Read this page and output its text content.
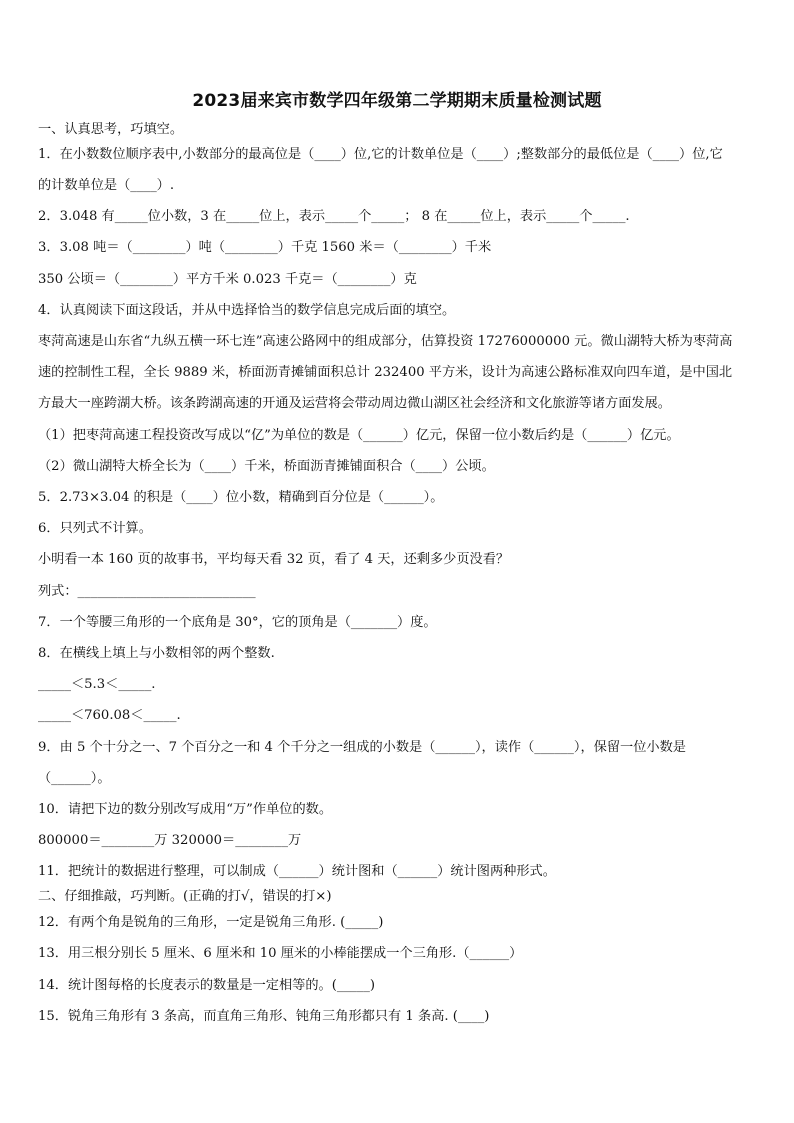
2023届来宾市数学四年级第二学期期末质量检测试题
一、认真思考，巧填空。
1．在小数数位顺序表中,小数部分的最高位是（____）位,它的计数单位是（____）;整数部分的最低位是（____）位,它
的计数单位是（____）.
2．3.048 有_____位小数，3 在_____位上，表示_____个_____； 8 在_____位上，表示_____个_____.
3．3.08 吨＝（________）吨（________）千克 1560 米＝（________）千米
350 公顷＝（________）平方千米 0.023 千克＝（________）克
4．认真阅读下面这段话，并从中选择恰当的数学信息完成后面的填空。
枣菏高速是山东省“九纵五横一环七连”高速公路网中的组成部分，估算投资 17276000000 元。微山湖特大桥为枣菏高
速的控制性工程，全长 9889 米，桥面沥青摊铺面积总计 232400 平方米，设计为高速公路标准双向四车道，是中国北
方最大一座跨湖大桥。该条跨湖高速的开通及运营将会带动周边微山湖区社会经济和文化旅游等诸方面发展。
（1）把枣菏高速工程投资改写成以“亿”为单位的数是（______）亿元，保留一位小数后约是（______）亿元。
（2）微山湖特大桥全长为（____）千米，桥面沥青摊铺面积合（____）公顷。
5．2.73×3.04 的积是（____）位小数，精确到百分位是（______）。
6．只列式不计算。
小明看一本 160 页的故事书，平均每天看 32 页，看了 4 天，还剩多少页没看？
列式：___________________________
7．一个等腰三角形的一个底角是 30°，它的顶角是（_______）度。
8．在横线上填上与小数相邻的两个整数.
_____＜5.3＜_____.
_____＜760.08＜_____.
9．由 5 个十分之一、7 个百分之一和 4 个千分之一组成的小数是（______），读作（______），保留一位小数是
（______）。
10．请把下边的数分别改写成用“万”作单位的数。
800000＝________万 320000＝________万
11．把统计的数据进行整理，可以制成（______）统计图和（______）统计图两种形式。
二、仔细推敲，巧判断。(正确的打√，错误的打×)
12．有两个角是锐角的三角形，一定是锐角三角形. (_____)
13．用三根分别长 5 厘米、6 厘米和 10 厘米的小棒能摆成一个三角形.（______）
14．统计图每格的长度表示的数量是一定相等的。(_____)
15．锐角三角形有 3 条高，而直角三角形、钝角三角形都只有 1 条高. (____)
